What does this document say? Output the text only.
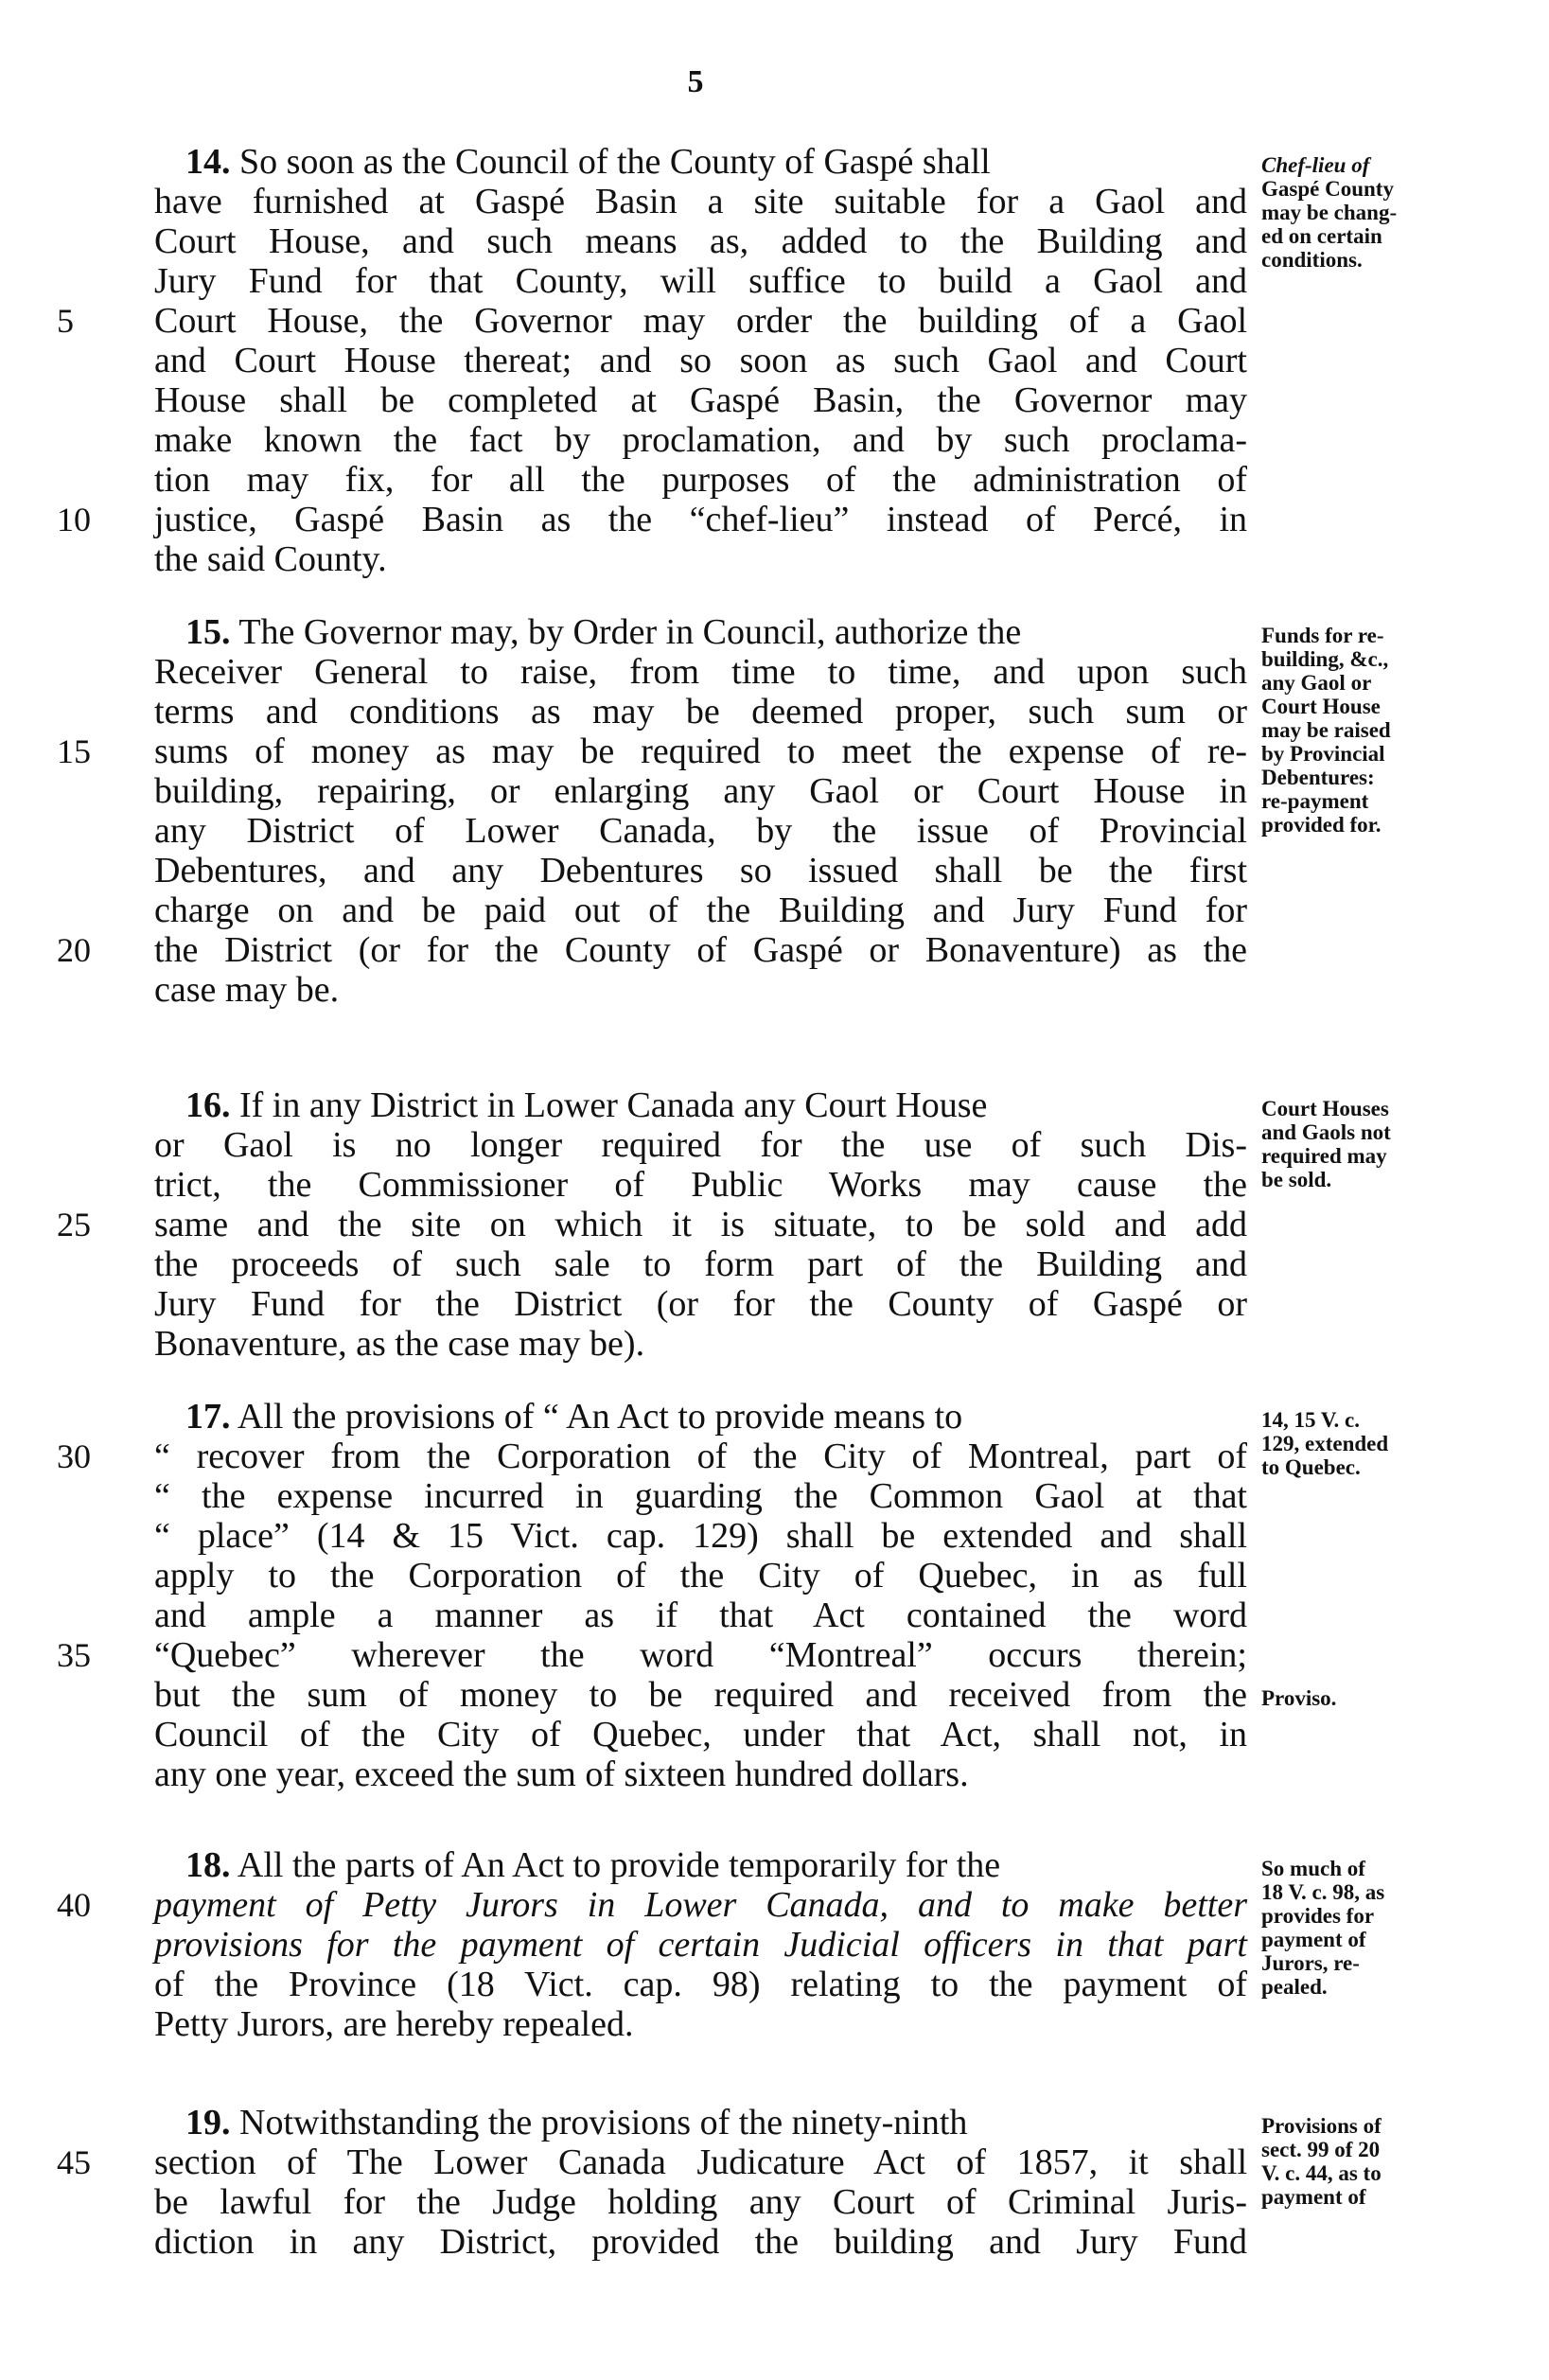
5
14. So soon as the Council of the County of Gaspé shall
have furnished at Gaspé Basin a site suitable for a Gaol and
Court House, and such means as, added to the Building and
Jury Fund for that County, will suffice to build a Gaol and
5	Court House, the Governor may order the building of a Gaol
and Court House thereat; and so soon as such Gaol and Court
House shall be completed at Gaspé Basin, the Governor may
make known the fact by proclamation, and by such proclama-
tion may fix, for all the purposes of the administration of
10	justice, Gaspé Basin as the “chef-lieu” instead of Percé, in
the said County.
Chef-lieu of
Gaspé County
may be chang-
ed on certain
conditions.
15. The Governor may, by Order in Council, authorize the
Receiver General to raise, from time to time, and upon such
terms and conditions as may be deemed proper, such sum or
15	sums of money as may be required to meet the expense of re-
building, repairing, or enlarging any Gaol or Court House in
any District of Lower Canada, by the issue of Provincial
Debentures, and any Debentures so issued shall be the first
charge on and be paid out of the Building and Jury Fund for
20	the District (or for the County of Gaspé or Bonaventure) as the
case may be.
Funds for re-
building, &c.,
any Gaol or
Court House
may be raised
by Provincial
Debentures:
re-payment
provided for.
16. If in any District in Lower Canada any Court House
or Gaol is no longer required for the use of such Dis-
trict, the Commissioner of Public Works may cause the
25	same and the site on which it is situate, to be sold and add
the proceeds of such sale to form part of the Building and
Jury Fund for the District (or for the County of Gaspé or
Bonaventure, as the case may be).
Court Houses
and Gaols not
required may
be sold.
17. All the provisions of “ An Act to provide means to
30	“ recover from the Corporation of the City of Montreal, part of
“ the expense incurred in guarding the Common Gaol at that
“ place” (14 & 15 Vict. cap. 129) shall be extended and shall
apply to the Corporation of the City of Quebec, in as full
and ample a manner as if that Act contained the word
35	“Quebec” wherever the word “Montreal” occurs therein;
but the sum of money to be required and received from the
Council of the City of Quebec, under that Act, shall not, in
any one year, exceed the sum of sixteen hundred dollars.
14, 15 V. c.
129, extended
to Quebec.
Proviso.
18. All the parts of An Act to provide temporarily for the
40	payment of Petty Jurors in Lower Canada, and to make better
provisions for the payment of certain Judicial officers in that part
of the Province (18 Vict. cap. 98) relating to the payment of
Petty Jurors, are hereby repealed.
So much of
18 V. c. 98, as
provides for
payment of
Jurors, re-
pealed.
19. Notwithstanding the provisions of the ninety-ninth
45	section of The Lower Canada Judicature Act of 1857, it shall
be lawful for the Judge holding any Court of Criminal Juris-
diction in any District, provided the building and Jury Fund
Provisions of
sect. 99 of 20
V. c. 44, as to
payment of
